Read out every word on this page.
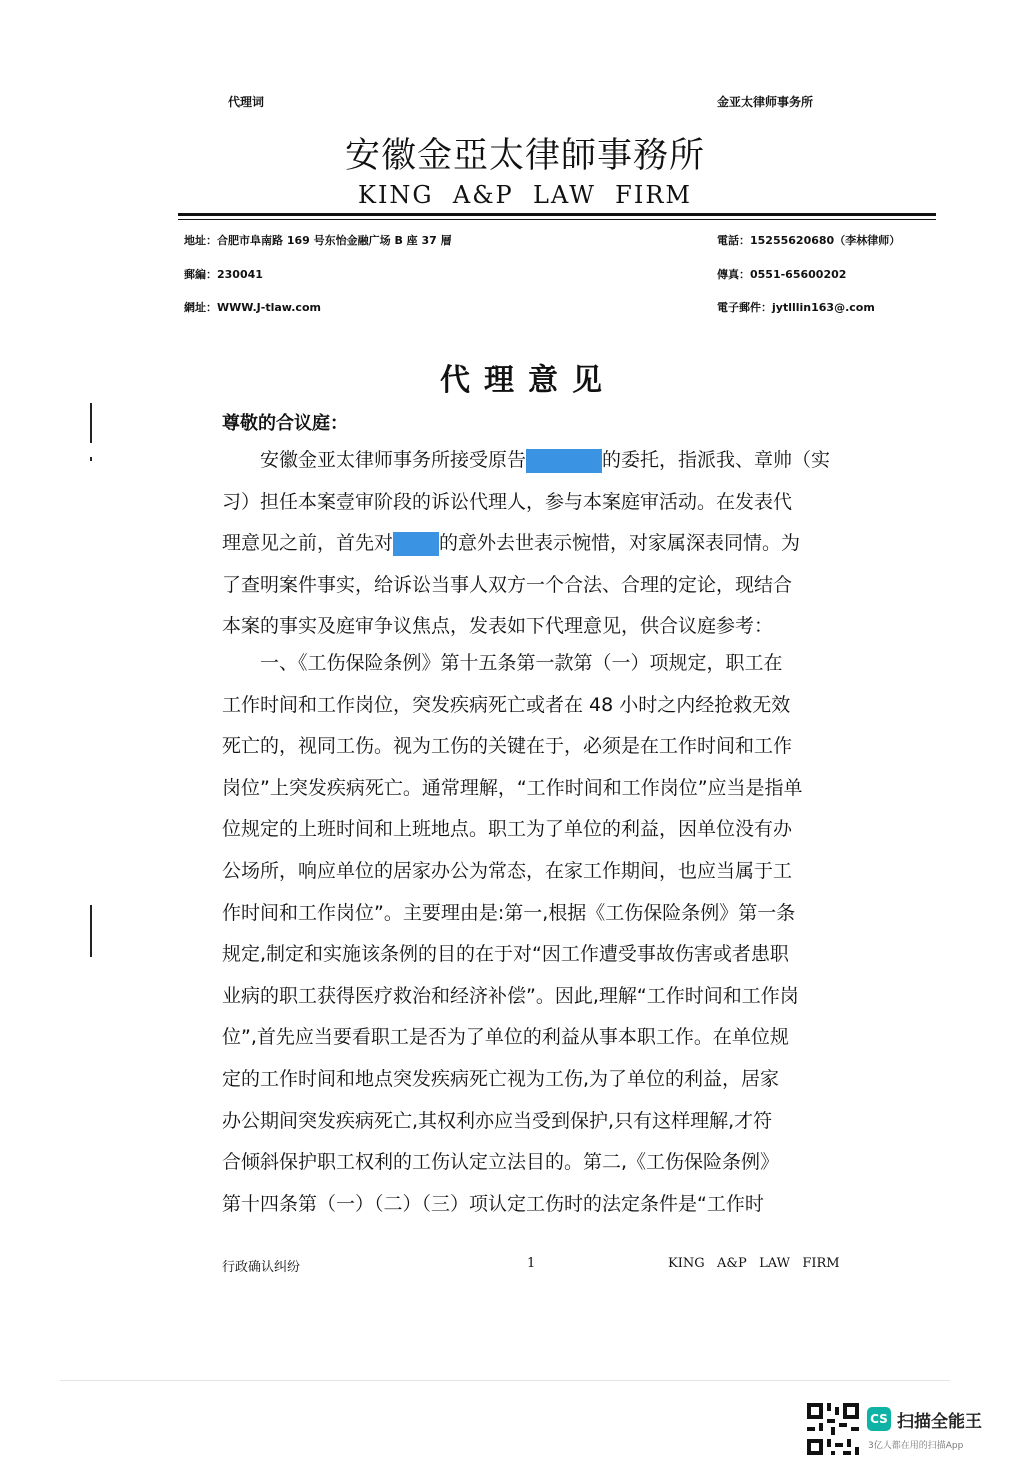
代理词	金亚太律师事务所
安徽金亞太律師事務所
KING  A&P  LAW  FIRM
地址：合肥市阜南路 169 号东怡金融广场 B 座 37 層	電話：15255620680（李林律师）
郵編：230041	傳真：0551-65600202
網址：WWW.J-tlaw.com	電子郵件：jytlllin163@.com
代理意见
尊敬的合议庭：
　　安徽金亚太律师事务所接受原告	的委托，指派我、章帅（实
习）担任本案壹审阶段的诉讼代理人，参与本案庭审活动。在发表代
理意见之前，首先对 的意外去世表示惋惜，对家属深表同情。为
了查明案件事实，给诉讼当事人双方一个合法、合理的定论，现结合
本案的事实及庭审争议焦点，发表如下代理意见，供合议庭参考：
　　一、《工伤保险条例》第十五条第一款第（一）项规定，职工在
工作时间和工作岗位，突发疾病死亡或者在 48 小时之内经抢救无效
死亡的，视同工伤。视为工伤的关键在于，必须是在工作时间和工作
岗位”上突发疾病死亡。通常理解，“工作时间和工作岗位”应当是指单
位规定的上班时间和上班地点。职工为了单位的利益，因单位没有办
公场所，响应单位的居家办公为常态，在家工作期间，也应当属于工
作时间和工作岗位”。主要理由是:第一,根据《工伤保险条例》第一条
规定,制定和实施该条例的目的在于对“因工作遭受事故伤害或者患职
业病的职工获得医疗救治和经济补偿”。因此,理解“工作时间和工作岗
位”,首先应当要看职工是否为了单位的利益从事本职工作。在单位规
定的工作时间和地点突发疾病死亡视为工伤,为了单位的利益，居家
办公期间突发疾病死亡,其权利亦应当受到保护,只有这样理解,才符
合倾斜保护职工权利的工伤认定立法目的。第二,《工伤保险条例》
第十四条第（一）（二）（三）项认定工伤时的法定条件是“工作时
行政确认纠纷	1	KING   A&P   LAW   FIRM
CS 扫描全能王
3亿人都在用的扫描App
